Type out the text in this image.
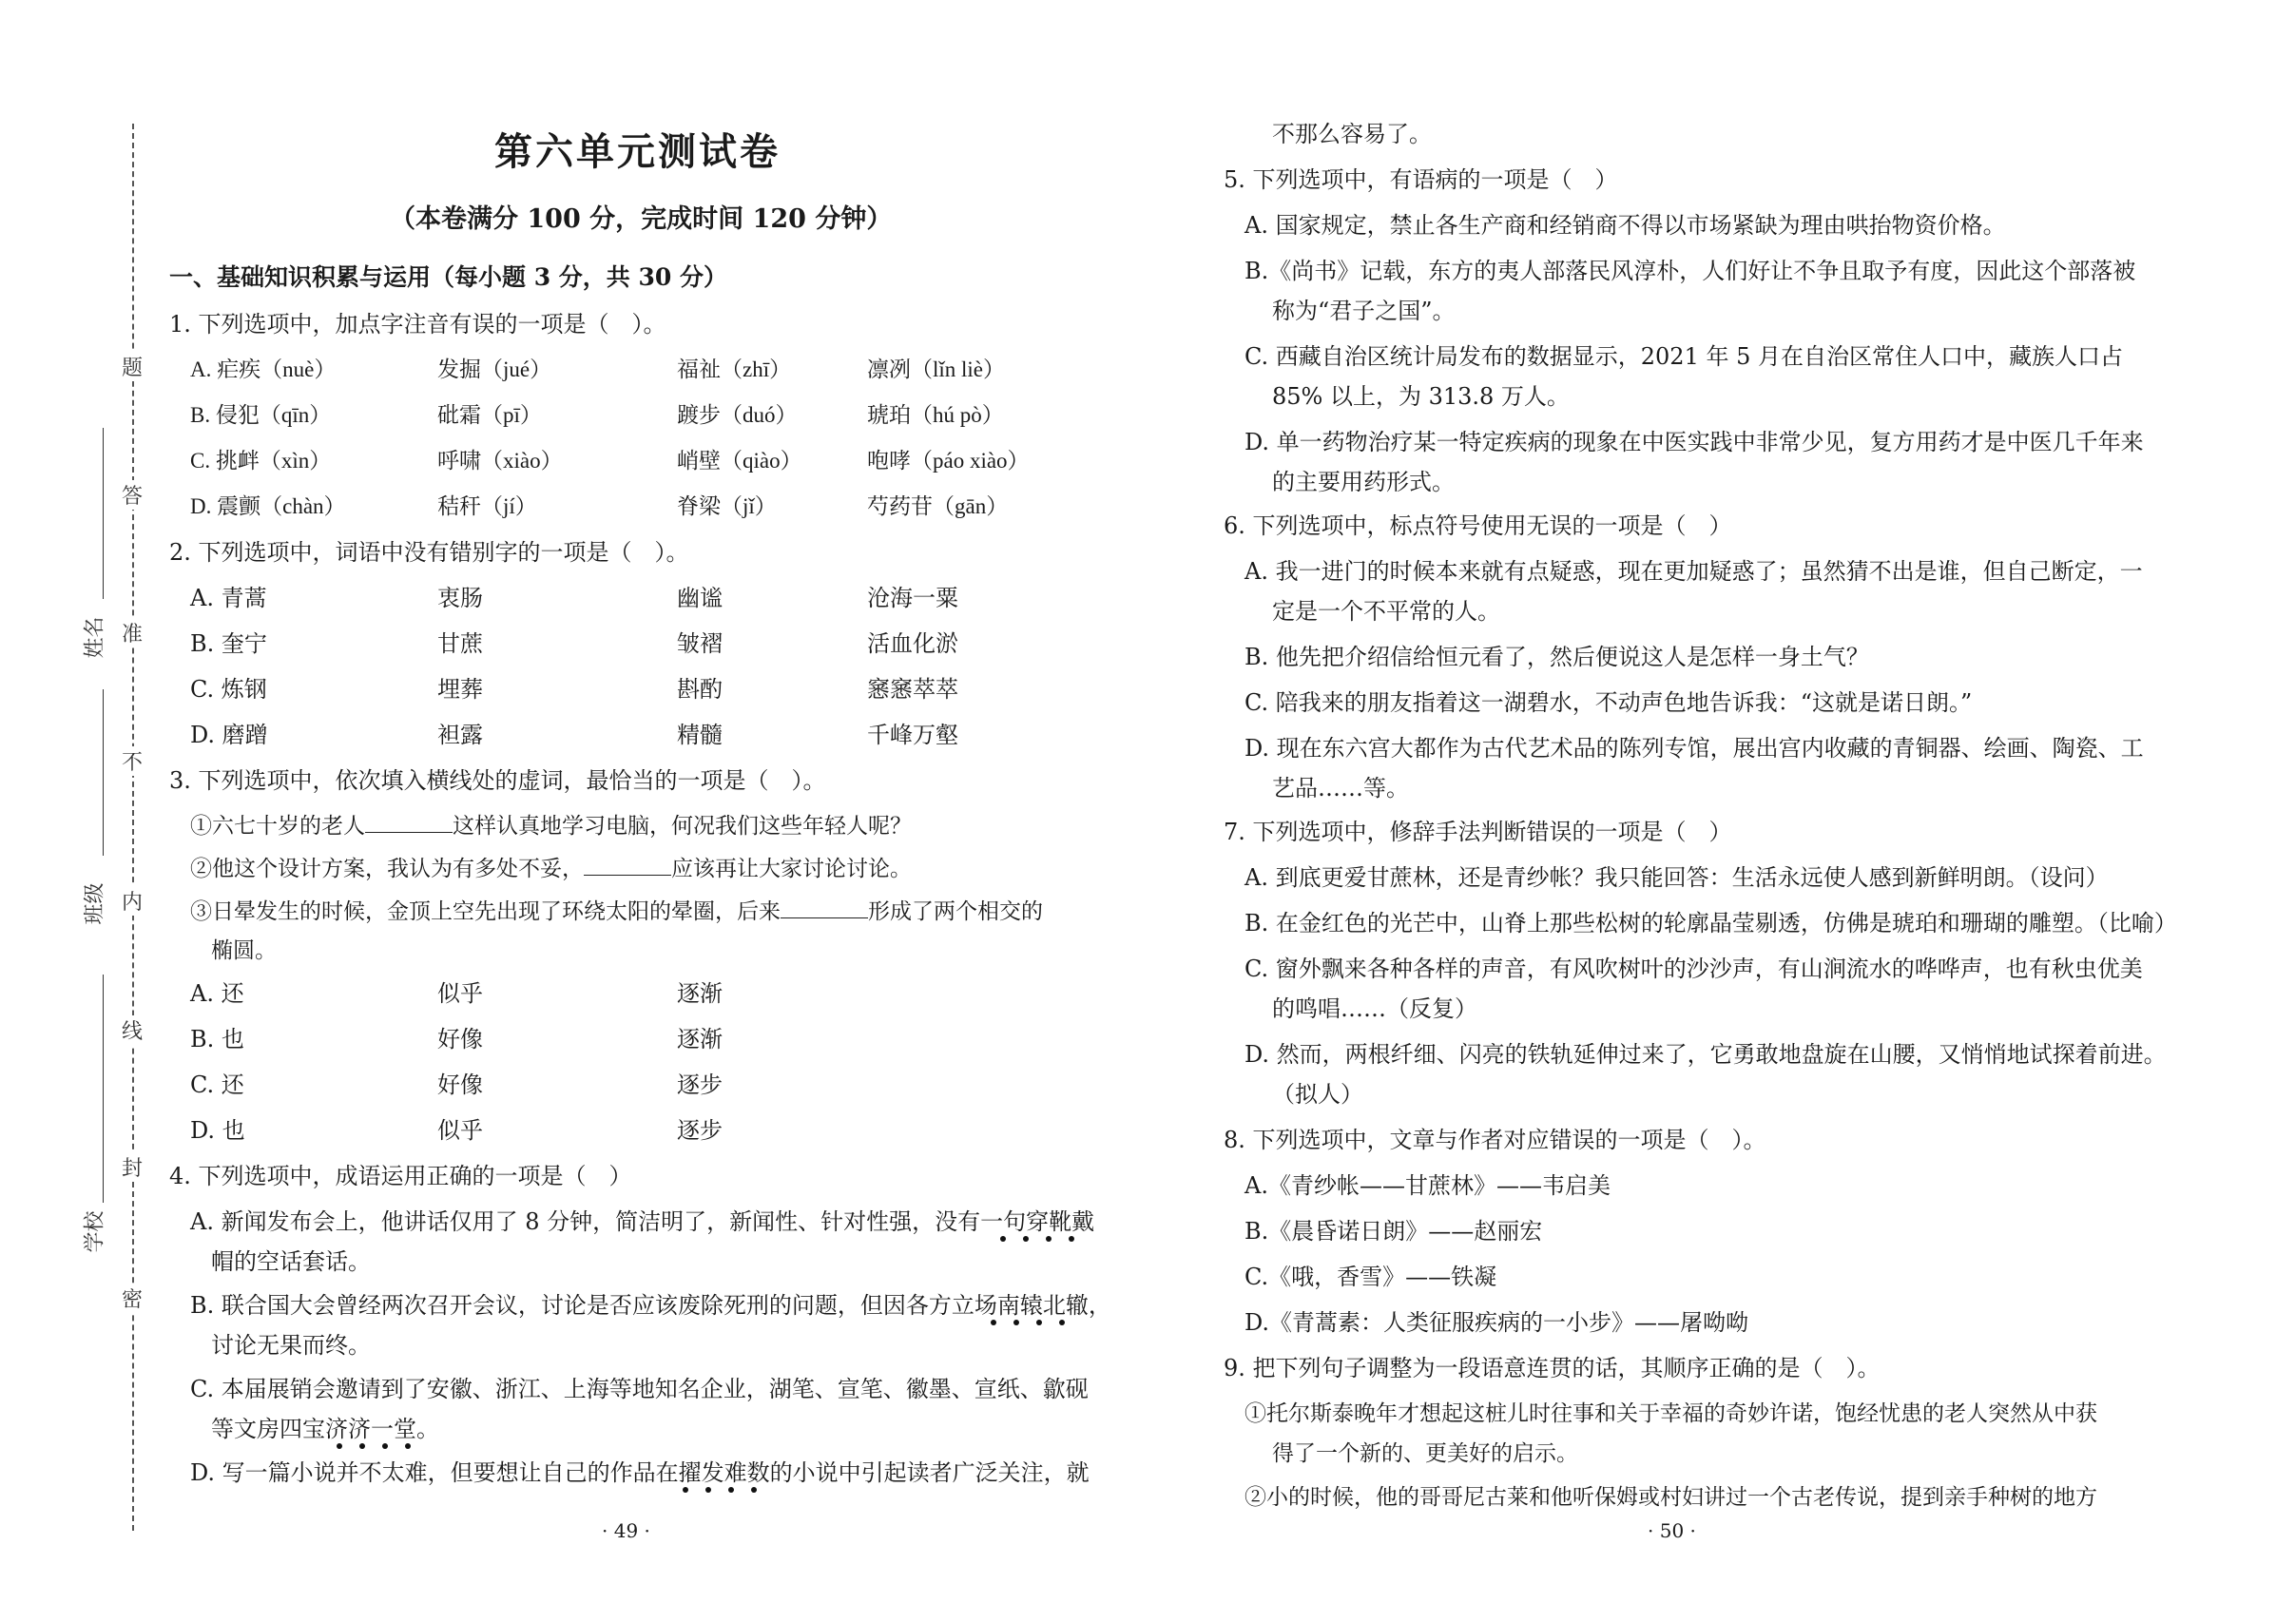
题
答
准
不
内
线
封
密
姓名
班级
学校
第六单元测试卷
（本卷满分 100 分，完成时间 120 分钟）
一、基础知识积累与运用（每小题 3 分，共 30 分）
1. 下列选项中，加点字注音有误的一项是（　）。
A. 疟疾（nuè）	发掘（jué）	福祉（zhī）	凛冽（lǐn liè）
B. 侵犯（qīn）	砒霜（pī）	踱步（duó）	琥珀（hú pò）
C. 挑衅（xìn）	呼啸（xiào）	峭壁（qiào）	咆哮（páo xiào）
D. 震颤（chàn）	秸秆（jí）	脊梁（jǐ）	芍药苷（gān）
2. 下列选项中，词语中没有错别字的一项是（　）。
A. 青蒿	衷肠	幽谧	沧海一粟
B. 奎宁	甘蔗	皱褶	活血化淤
C. 炼钢	埋葬	斟酌	窸窸萃萃
D. 磨蹭	袒露	精髓	千峰万壑
3. 下列选项中，依次填入横线处的虚词，最恰当的一项是（　）。
①六七十岁的老人	这样认真地学习电脑，何况我们这些年轻人呢？
②他这个设计方案，我认为有多处不妥，	应该再让大家讨论讨论。
③日晕发生的时候，金顶上空先出现了环绕太阳的晕圈，后来	形成了两个相交的
椭圆。
A. 还	似乎	逐渐
B. 也	好像	逐渐
C. 还	好像	逐步
D. 也	似乎	逐步
4. 下列选项中，成语运用正确的一项是（　）
A. 新闻发布会上，他讲话仅用了 8 分钟，简洁明了，新闻性、针对性强，没有一句穿靴戴
帽的空话套话。
B. 联合国大会曾经两次召开会议，讨论是否应该废除死刑的问题，但因各方立场南辕北辙，
讨论无果而终。
C. 本届展销会邀请到了安徽、浙江、上海等地知名企业，湖笔、宣笔、徽墨、宣纸、歙砚
等文房四宝济济一堂。
D. 写一篇小说并不太难，但要想让自己的作品在擢发难数的小说中引起读者广泛关注，就
· 49 ·
不那么容易了。
5. 下列选项中，有语病的一项是（　）
A. 国家规定，禁止各生产商和经销商不得以市场紧缺为理由哄抬物资价格。
B.《尚书》记载，东方的夷人部落民风淳朴，人们好让不争且取予有度，因此这个部落被
称为“君子之国”。
C. 西藏自治区统计局发布的数据显示，2021 年 5 月在自治区常住人口中，藏族人口占
85% 以上，为 313.8 万人。
D. 单一药物治疗某一特定疾病的现象在中医实践中非常少见，复方用药才是中医几千年来
的主要用药形式。
6. 下列选项中，标点符号使用无误的一项是（　）
A. 我一进门的时候本来就有点疑惑，现在更加疑惑了；虽然猜不出是谁，但自己断定，一
定是一个不平常的人。
B. 他先把介绍信给恒元看了，然后便说这人是怎样一身土气？
C. 陪我来的朋友指着这一湖碧水，不动声色地告诉我：“这就是诺日朗。”
D. 现在东六宫大都作为古代艺术品的陈列专馆，展出宫内收藏的青铜器、绘画、陶瓷、工
艺品……等。
7. 下列选项中，修辞手法判断错误的一项是（　）
A. 到底更爱甘蔗林，还是青纱帐？我只能回答：生活永远使人感到新鲜明朗。（设问）
B. 在金红色的光芒中，山脊上那些松树的轮廓晶莹剔透，仿佛是琥珀和珊瑚的雕塑。（比喻）
C. 窗外飘来各种各样的声音，有风吹树叶的沙沙声，有山涧流水的哗哗声，也有秋虫优美
的鸣唱……（反复）
D. 然而，两根纤细、闪亮的铁轨延伸过来了，它勇敢地盘旋在山腰，又悄悄地试探着前进。
（拟人）
8. 下列选项中，文章与作者对应错误的一项是（　）。
A.《青纱帐——甘蔗林》——韦启美
B.《晨昏诺日朗》——赵丽宏
C.《哦，香雪》——铁凝
D.《青蒿素：人类征服疾病的一小步》——屠呦呦
9. 把下列句子调整为一段语意连贯的话，其顺序正确的是（　）。
①托尔斯泰晚年才想起这桩儿时往事和关于幸福的奇妙许诺，饱经忧患的老人突然从中获
得了一个新的、更美好的启示。
②小的时候，他的哥哥尼古莱和他听保姆或村妇讲过一个古老传说，提到亲手种树的地方
· 50 ·
